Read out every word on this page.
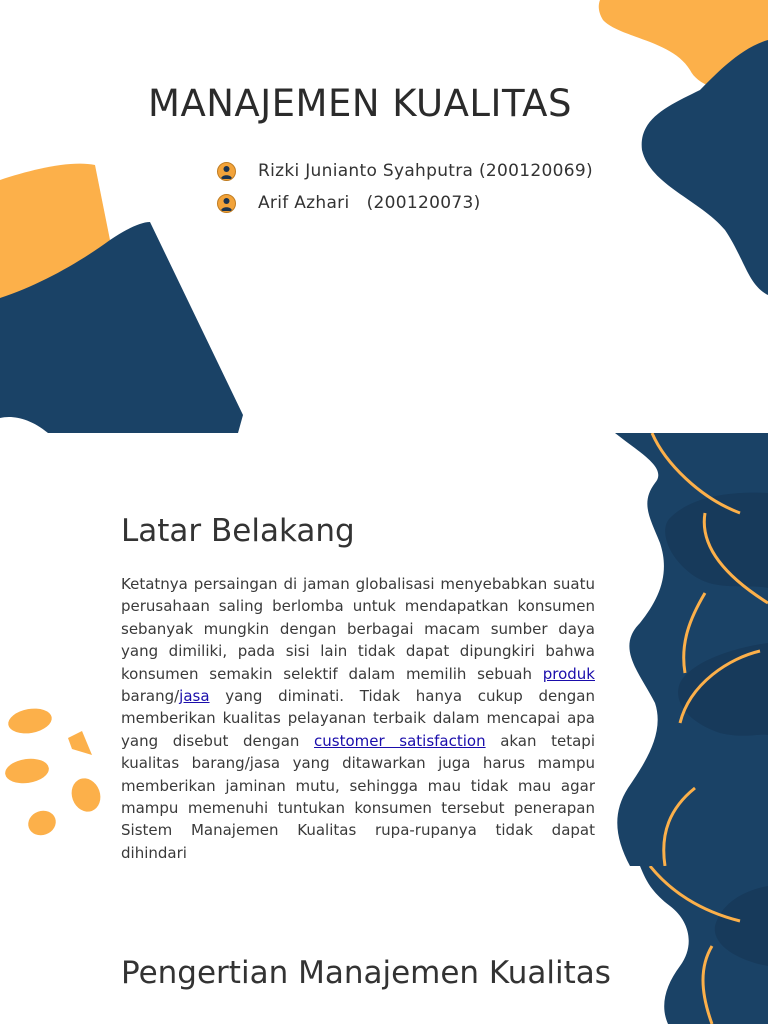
MANAJEMEN KUALITAS
Rizki Junianto Syahputra (200120069)
Arif Azhari   (200120073)
Latar Belakang
Ketatnya persaingan di jaman globalisasi menyebabkan suatu perusahaan saling berlomba untuk mendapatkan konsumen sebanyak mungkin dengan berbagai macam sumber daya yang dimiliki, pada sisi lain tidak dapat dipungkiri bahwa konsumen semakin selektif dalam memilih sebuah produk barang/jasa yang diminati. Tidak hanya cukup dengan memberikan kualitas pelayanan terbaik dalam mencapai apa yang disebut dengan customer satisfaction akan tetapi kualitas barang/jasa yang ditawarkan juga harus mampu memberikan jaminan mutu, sehingga mau tidak mau agar mampu memenuhi tuntukan konsumen tersebut penerapan Sistem Manajemen Kualitas rupa-rupanya tidak dapat dihindari
Pengertian Manajemen Kualitas
